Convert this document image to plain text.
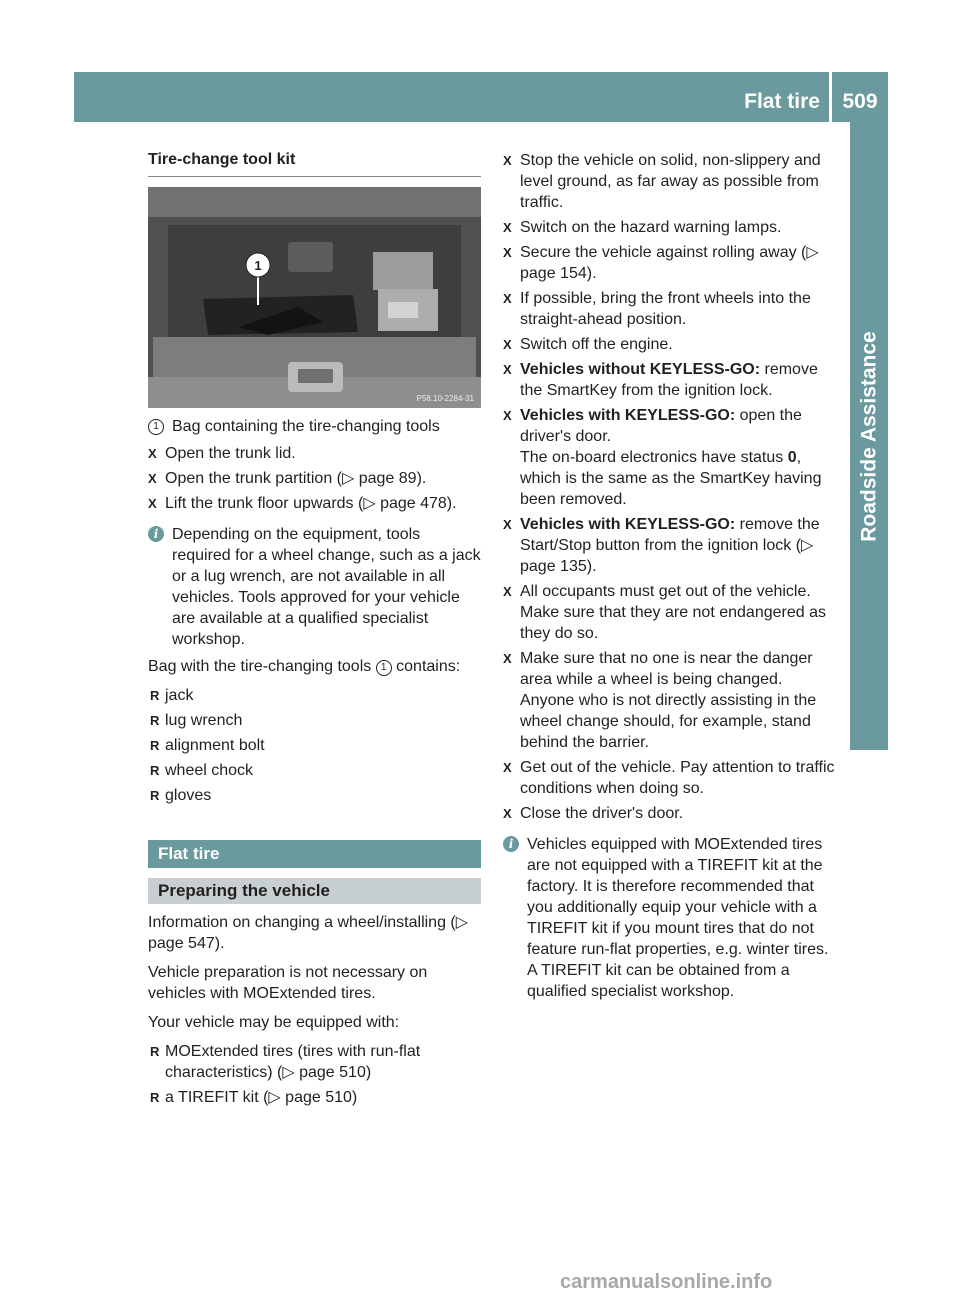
Flat tire	509
Roadside Assistance
Tire-change tool kit
1
P58.10-2284-31
1 Bag containing the tire-changing tools
X Open the trunk lid.
X Open the trunk partition (▷ page 89).
X Lift the trunk floor upwards (▷ page 478).
i Depending on the equipment, tools required for a wheel change, such as a jack or a lug wrench, are not available in all vehicles. Tools approved for your vehicle are available at a qualified specialist workshop.

Bag with the tire-changing tools 1 contains:

R jack
R lug wrench
R alignment bolt
R wheel chock
R gloves
Flat tire
Preparing the vehicle

Information on changing a wheel/installing (▷ page 547).

Vehicle preparation is not necessary on vehicles with MOExtended tires.

Your vehicle may be equipped with:

R MOExtended tires (tires with run-flat characteristics) (▷ page 510)
R a TIREFIT kit (▷ page 510)
X Stop the vehicle on solid, non-slippery and level ground, as far away as possible from traffic.
X Switch on the hazard warning lamps.
X Secure the vehicle against rolling away (▷ page 154).
X If possible, bring the front wheels into the straight-ahead position.
X Switch off the engine.
X Vehicles without KEYLESS-GO: remove the SmartKey from the ignition lock.
X Vehicles with KEYLESS-GO: open the driver's door.
The on-board electronics have status 0, which is the same as the SmartKey having been removed.
X Vehicles with KEYLESS-GO: remove the Start/Stop button from the ignition lock (▷ page 135).
X All occupants must get out of the vehicle. Make sure that they are not endangered as they do so.
X Make sure that no one is near the danger area while a wheel is being changed. Anyone who is not directly assisting in the wheel change should, for example, stand behind the barrier.
X Get out of the vehicle. Pay attention to traffic conditions when doing so.
X Close the driver's door.
i Vehicles equipped with MOExtended tires are not equipped with a TIREFIT kit at the factory. It is therefore recommended that you additionally equip your vehicle with a TIREFIT kit if you mount tires that do not feature run-flat properties, e.g. winter tires. A TIREFIT kit can be obtained from a qualified specialist workshop.
carmanualsonline.info
